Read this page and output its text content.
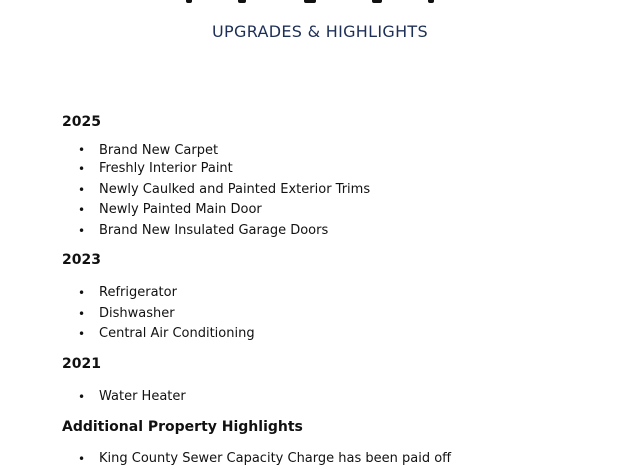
UPGRADES & HIGHLIGHTS
2025
• Brand New Carpet
• Freshly Interior Paint
• Newly Caulked and Painted Exterior Trims
• Newly Painted Main Door
• Brand New Insulated Garage Doors
2023
• Refrigerator
• Dishwasher
• Central Air Conditioning
2021
• Water Heater
Additional Property Highlights
• King County Sewer Capacity Charge has been paid off
